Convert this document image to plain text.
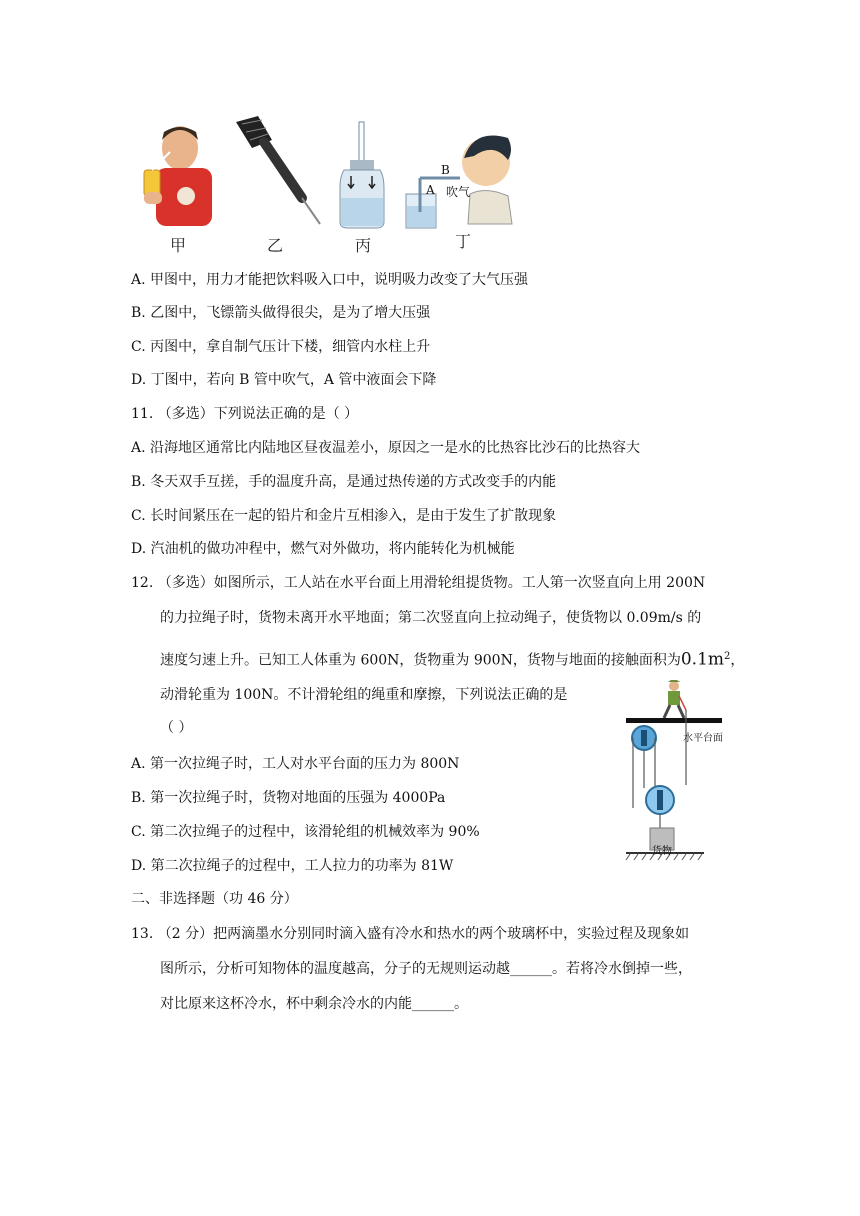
B
A 吹气
甲	乙	丙	丁
A. 甲图中，用力才能把饮料吸入口中，说明吸力改变了大气压强
B. 乙图中，飞镖箭头做得很尖，是为了增大压强
C. 丙图中，拿自制气压计下楼，细管内水柱上升
D. 丁图中，若向 B 管中吹气，A 管中液面会下降
11. （多选）下列说法正确的是（ ）
A. 沿海地区通常比内陆地区昼夜温差小，原因之一是水的比热容比沙石的比热容大
B. 冬天双手互搓，手的温度升高，是通过热传递的方式改变手的内能
C. 长时间紧压在一起的铅片和金片互相渗入，是由于发生了扩散现象
D. 汽油机的做功冲程中，燃气对外做功，将内能转化为机械能
12. （多选）如图所示，工人站在水平台面上用滑轮组提货物。工人第一次竖直向上用 200N
的力拉绳子时，货物未离开水平地面；第二次竖直向上拉动绳子，使货物以 0.09m/s 的
速度匀速上升。已知工人体重为 600N，货物重为 900N，货物与地面的接触面积为$0.1m^2$，
动滑轮重为 100N。不计滑轮组的绳重和摩擦，下列说法正确的是
（ ）
水平台面
货物
A. 第一次拉绳子时，工人对水平台面的压力为 800N
B. 第一次拉绳子时，货物对地面的压强为 4000Pa
C. 第二次拉绳子的过程中，该滑轮组的机械效率为 90%
D. 第二次拉绳子的过程中，工人拉力的功率为 81W
二、非选择题（功 46 分）
13. （2 分）把两滴墨水分别同时滴入盛有冷水和热水的两个玻璃杯中，实验过程及现象如
图所示，分析可知物体的温度越高，分子的无规则运动越______。若将冷水倒掉一些，
对比原来这杯冷水，杯中剩余冷水的内能______。
